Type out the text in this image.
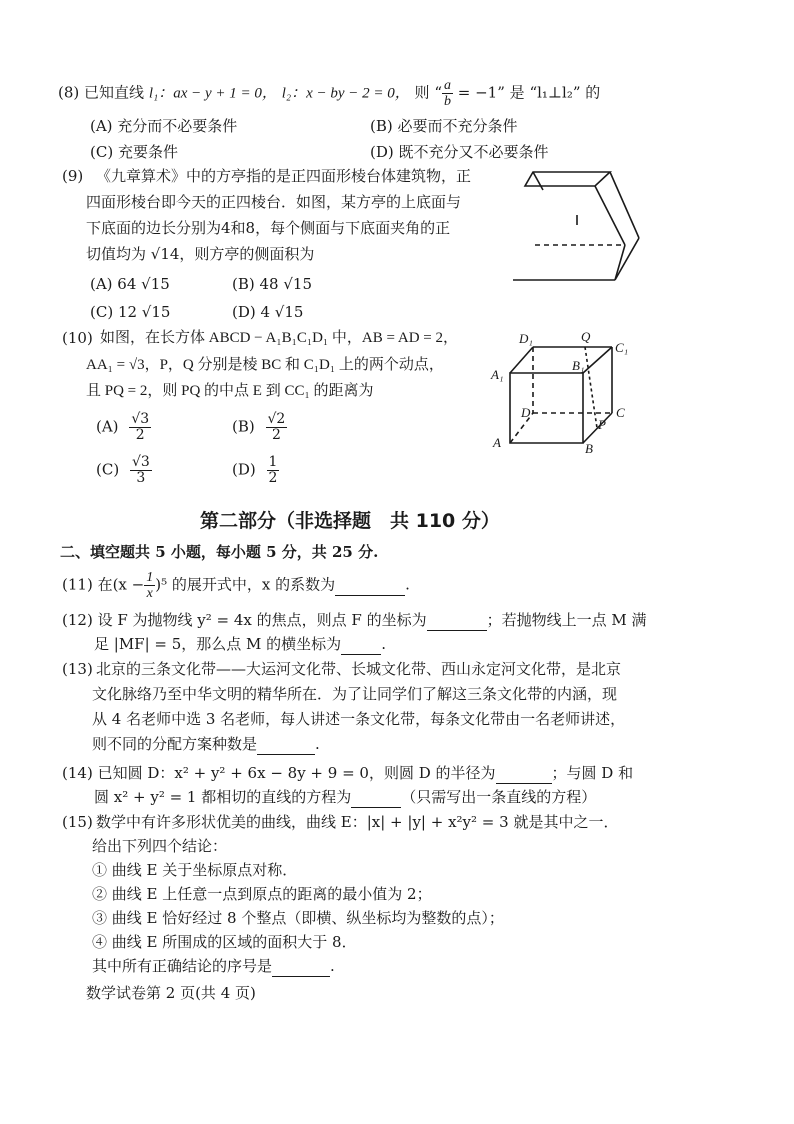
(8) 已知直线 l₁：ax − y + 1 = 0， l₂：x − by − 2 = 0， 则 “ $\frac{a}{b} = -1$” 是 “l₁⊥l₂” 的
(A) 充分而不必要条件	(B) 必要而不充分条件
(C) 充要条件	(D) 既不充分又不必要条件
(9) 《九章算术》中的方亭指的是正四面形棱台体建筑物，正
四面形棱台即今天的正四棱台．如图，某方亭的上底面与
下底面的边长分别为4和8，每个侧面与下底面夹角的正
切值均为 √14，则方亭的侧面积为
(A) 64 √15	(B) 48 √15
(C) 12 √15	(D) 4 √15
(10) 如图，在长方体 ABCD − A₁B₁C₁D₁ 中，AB = AD = 2，
AA₁ = √3，P，Q 分别是棱 BC 和 C₁D₁ 上的两个动点，
且 PQ = 2，则 PQ 的中点 E 到 CC₁ 的距离为
$(A) \frac{√3}{2}$	$(B) \frac{√2}{2}$
$(C) \frac{√3}{3}$	$(D) \frac{1}{2}$
D₁	Q
C₁
B₁
A₁
D	C
P
A	B
第二部分（非选择题　共 110 分）
二、填空题共 5 小题，每小题 5 分，共 25 分.
(11) 在$(x - \frac{1}{x} )^5$ 的展开式中，x 的系数为	.
(12) 设 F 为抛物线 y² = 4x 的焦点，则点 F 的坐标为	；若抛物线上一点 M 满
足 |MF| = 5，那么点 M 的横坐标为	.
(13) 北京的三条文化带——大运河文化带、长城文化带、西山永定河文化带，是北京
文化脉络乃至中华文明的精华所在．为了让同学们了解这三条文化带的内涵，现
从 4 名老师中选 3 名老师，每人讲述一条文化带，每条文化带由一名老师讲述，
则不同的分配方案种数是	.
(14) 已知圆 D：x² + y² + 6x − 8y + 9 = 0，则圆 D 的半径为	；与圆 D 和
圆 x² + y² = 1 都相切的直线的方程为	（只需写出一条直线的方程）
(15) 数学中有许多形状优美的曲线，曲线 E：|x| + |y| + x²y² = 3 就是其中之一．
给出下列四个结论：
① 曲线 E 关于坐标原点对称．
② 曲线 E 上任意一点到原点的距离的最小值为 2；
③ 曲线 E 恰好经过 8 个整点（即横、纵坐标均为整数的点）；
④ 曲线 E 所围成的区域的面积大于 8．
其中所有正确结论的序号是	.
数学试卷第 2 页(共 4 页)
